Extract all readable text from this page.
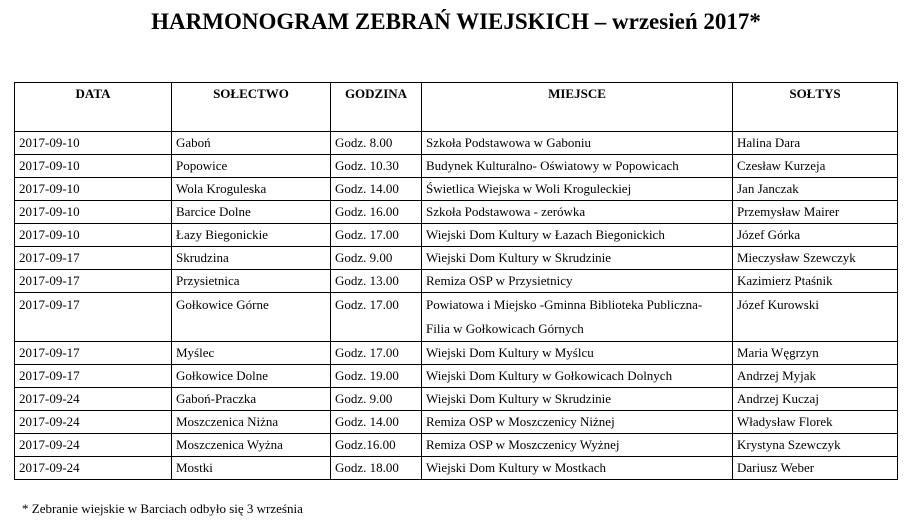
HARMONOGRAM ZEBRAŃ WIEJSKICH – wrzesień 2017*
DATA	SOŁECTWO	GODZINA	MIEJSCE	SOŁTYS
2017-09-10	Gaboń	Godz. 8.00	Szkoła Podstawowa w Gaboniu	Halina Dara
2017-09-10	Popowice	Godz. 10.30	Budynek Kulturalno- Oświatowy w Popowicach	Czesław Kurzeja
2017-09-10	Wola Kroguleska	Godz. 14.00	Świetlica Wiejska w Woli Kroguleckiej	Jan Janczak
2017-09-10	Barcice Dolne	Godz. 16.00	Szkoła Podstawowa - zerówka	Przemysław Mairer
2017-09-10	Łazy Biegonickie	Godz. 17.00	Wiejski Dom Kultury w Łazach Biegonickich	Józef Górka
2017-09-17	Skrudzina	Godz. 9.00	Wiejski Dom Kultury w Skrudzinie	Mieczysław Szewczyk
2017-09-17	Przysietnica	Godz. 13.00	Remiza OSP w Przysietnicy	Kazimierz Ptaśnik
2017-09-17	Gołkowice Górne	Godz. 17.00	Powiatowa i Miejsko -Gminna Biblioteka Publiczna- Filia w Gołkowicach Górnych	Józef Kurowski
2017-09-17	Myślec	Godz. 17.00	Wiejski Dom Kultury w Myślcu	Maria Węgrzyn
2017-09-17	Gołkowice Dolne	Godz. 19.00	Wiejski Dom Kultury w Gołkowicach Dolnych	Andrzej Myjak
2017-09-24	Gaboń-Praczka	Godz. 9.00	Wiejski Dom Kultury w Skrudzinie	Andrzej Kuczaj
2017-09-24	Moszczenica Niżna	Godz. 14.00	Remiza OSP w Moszczenicy Niżnej	Władysław Florek
2017-09-24	Moszczenica Wyżna	Godz.16.00	Remiza OSP w Moszczenicy Wyżnej	Krystyna Szewczyk
2017-09-24	Mostki	Godz. 18.00	Wiejski Dom Kultury w Mostkach	Dariusz Weber
* Zebranie wiejskie w Barciach odbyło się 3 września
